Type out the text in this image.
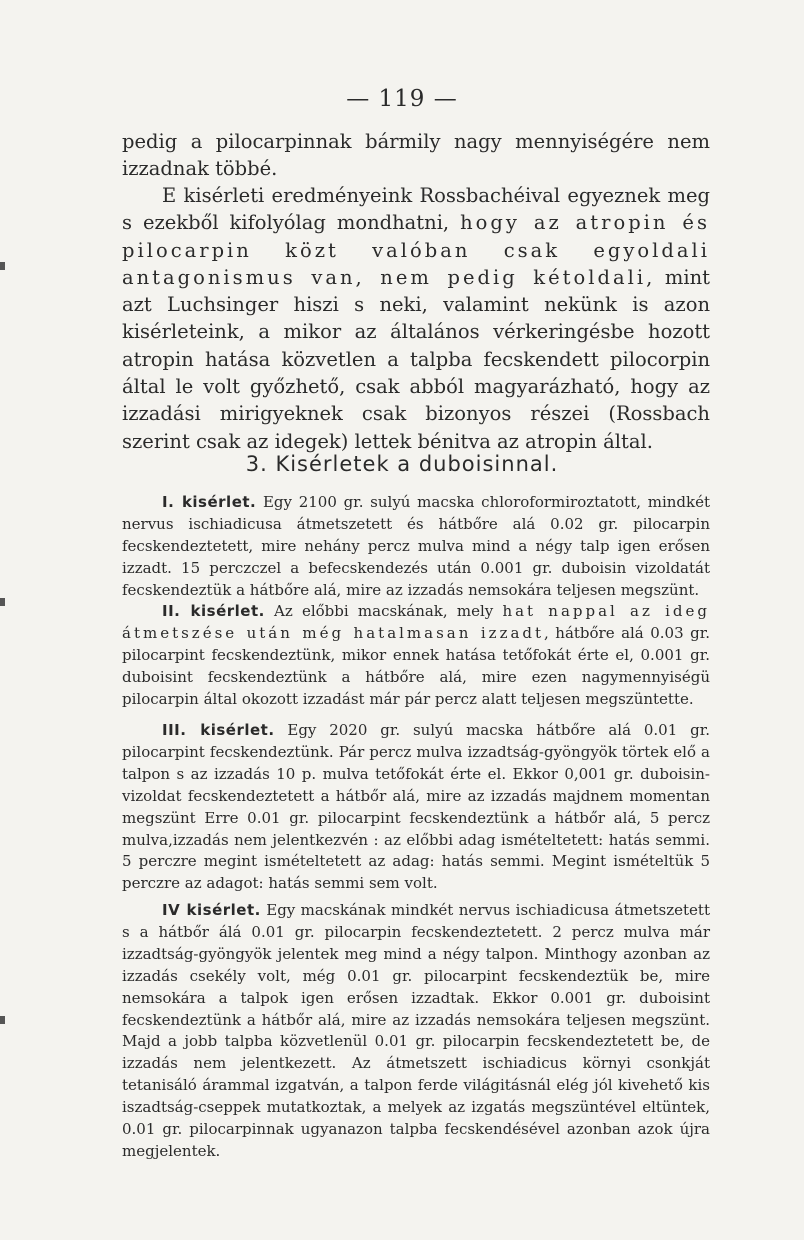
— 119 —
pedig a pilocarpinnak bármily nagy mennyiségére nem izzadnak többé.
E kisérleti eredményeink Rossbachéival egyeznek meg s ezekből kifolyólag mondhatni, hogy az atropin és pilocarpin közt valóban csak egyoldali antagonismus van, nem pedig kétoldali, mint azt Luchsinger hiszi s neki, valamint nekünk is azon kisérleteink, a mikor az általános vérkeringésbe hozott atropin hatása közvetlen a talpba fecskendett pilocorpin által le volt győzhető, csak abból magyarázható, hogy az izzadási mirigyeknek csak bizonyos részei (Rossbach szerint csak az idegek) lettek bénitva az atropin által.
3. Kisérletek a duboisinnal.
I. kisérlet. Egy 2100 gr. sulyú macska chloroformiroztatott, mindkét nervus ischiadicusa átmetszetett és hátbőre alá 0.02 gr. pilocarpin fecskendeztetett, mire nehány percz mulva mind a négy talp igen erősen izzadt. 15 perczczel a befecskendezés után 0.001 gr. duboisin vizoldatát fecskendeztük a hátbőre alá, mire az izzadás nemsokára teljesen megszünt.
II. kisérlet. Az előbbi macskának, mely hat nappal az ideg átmetszése után még hatalmasan izzadt, hátbőre alá 0.03 gr. pilocarpint fecskendeztünk, mikor ennek hatása tetőfokát érte el, 0.001 gr. duboisint fecskendeztünk a hátbőre alá, mire ezen nagymennyiségü pilocarpin által okozott izzadást már pár percz alatt teljesen megszüntette.
III. kisérlet. Egy 2020 gr. sulyú macska hátbőre alá 0.01 gr. pilocarpint fecskendeztünk. Pár percz mulva izzadtság-gyöngyök törtek elő a talpon s az izzadás 10 p. mulva tetőfokát érte el. Ekkor 0,001 gr. duboisin-vizoldat fecskendeztetett a hátbőr alá, mire az izzadás majdnem momentan megszünt Erre 0.01 gr. pilocarpint fecskendeztünk a hátbőr alá, 5 percz mulva,izzadás nem jelentkezvén : az előbbi adag ismételtetett: hatás semmi. 5 perczre megint ismételtetett az adag: hatás semmi. Megint ismételtük 5 perczre az adagot: hatás semmi sem volt.
IV kisérlet. Egy macskának mindkét nervus ischiadicusa átmetszetett s a hátbőr álá 0.01 gr. pilocarpin fecskendeztetett. 2 percz mulva már izzadtság-gyöngyök jelentek meg mind a négy talpon. Minthogy azonban az izzadás csekély volt, még 0.01 gr. pilocarpint fecskendeztük be, mire nemsokára a talpok igen erősen izzadtak. Ekkor 0.001 gr. duboisint fecskendeztünk a hátbőr alá, mire az izzadás nemsokára teljesen megszünt. Majd a jobb talpba közvetlenül 0.01 gr. pilocarpin fecskendeztetett be, de izzadás nem jelentkezett. Az átmetszett ischiadicus környi csonkját tetanisáló árammal izgatván, a talpon ferde világitásnál elég jól kivehető kis iszadtság-cseppek mutatkoztak, a melyek az izgatás megszüntével eltüntek, 0.01 gr. pilocarpinnak ugyanazon talpba fecskendésével azonban azok újra megjelentek.
